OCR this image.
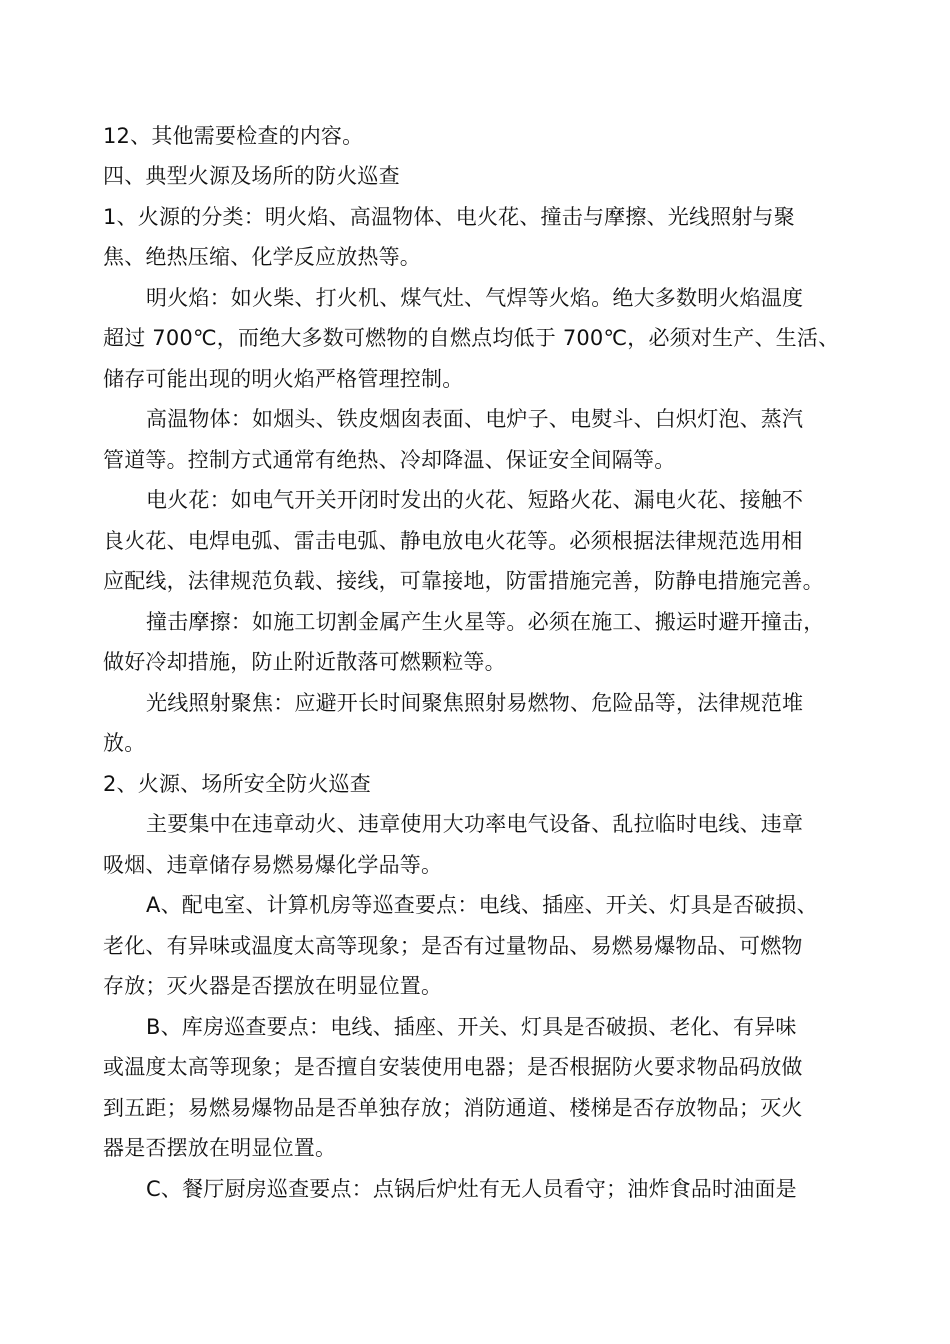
12、其他需要检查的内容。
四、典型火源及场所的防火巡查
1、火源的分类：明火焰、高温物体、电火花、撞击与摩擦、光线照射与聚
焦、绝热压缩、化学反应放热等。
明火焰：如火柴、打火机、煤气灶、气焊等火焰。绝大多数明火焰温度
超过 700℃，而绝大多数可燃物的自燃点均低于 700℃，必须对生产、生活、
储存可能出现的明火焰严格管理控制。
高温物体：如烟头、铁皮烟囱表面、电炉子、电熨斗、白炽灯泡、蒸汽
管道等。控制方式通常有绝热、冷却降温、保证安全间隔等。
电火花：如电气开关开闭时发出的火花、短路火花、漏电火花、接触不
良火花、电焊电弧、雷击电弧、静电放电火花等。必须根据法律规范选用相
应配线，法律规范负载、接线，可靠接地，防雷措施完善，防静电措施完善。
撞击摩擦：如施工切割金属产生火星等。必须在施工、搬运时避开撞击，
做好冷却措施，防止附近散落可燃颗粒等。
光线照射聚焦：应避开长时间聚焦照射易燃物、危险品等，法律规范堆
放。
2、火源、场所安全防火巡查
主要集中在违章动火、违章使用大功率电气设备、乱拉临时电线、违章
吸烟、违章储存易燃易爆化学品等。
A、配电室、计算机房等巡查要点：电线、插座、开关、灯具是否破损、
老化、有异味或温度太高等现象；是否有过量物品、易燃易爆物品、可燃物
存放；灭火器是否摆放在明显位置。
B、库房巡查要点：电线、插座、开关、灯具是否破损、老化、有异味
或温度太高等现象；是否擅自安装使用电器；是否根据防火要求物品码放做
到五距；易燃易爆物品是否单独存放；消防通道、楼梯是否存放物品；灭火
器是否摆放在明显位置。
C、餐厅厨房巡查要点：点锅后炉灶有无人员看守；油炸食品时油面是
